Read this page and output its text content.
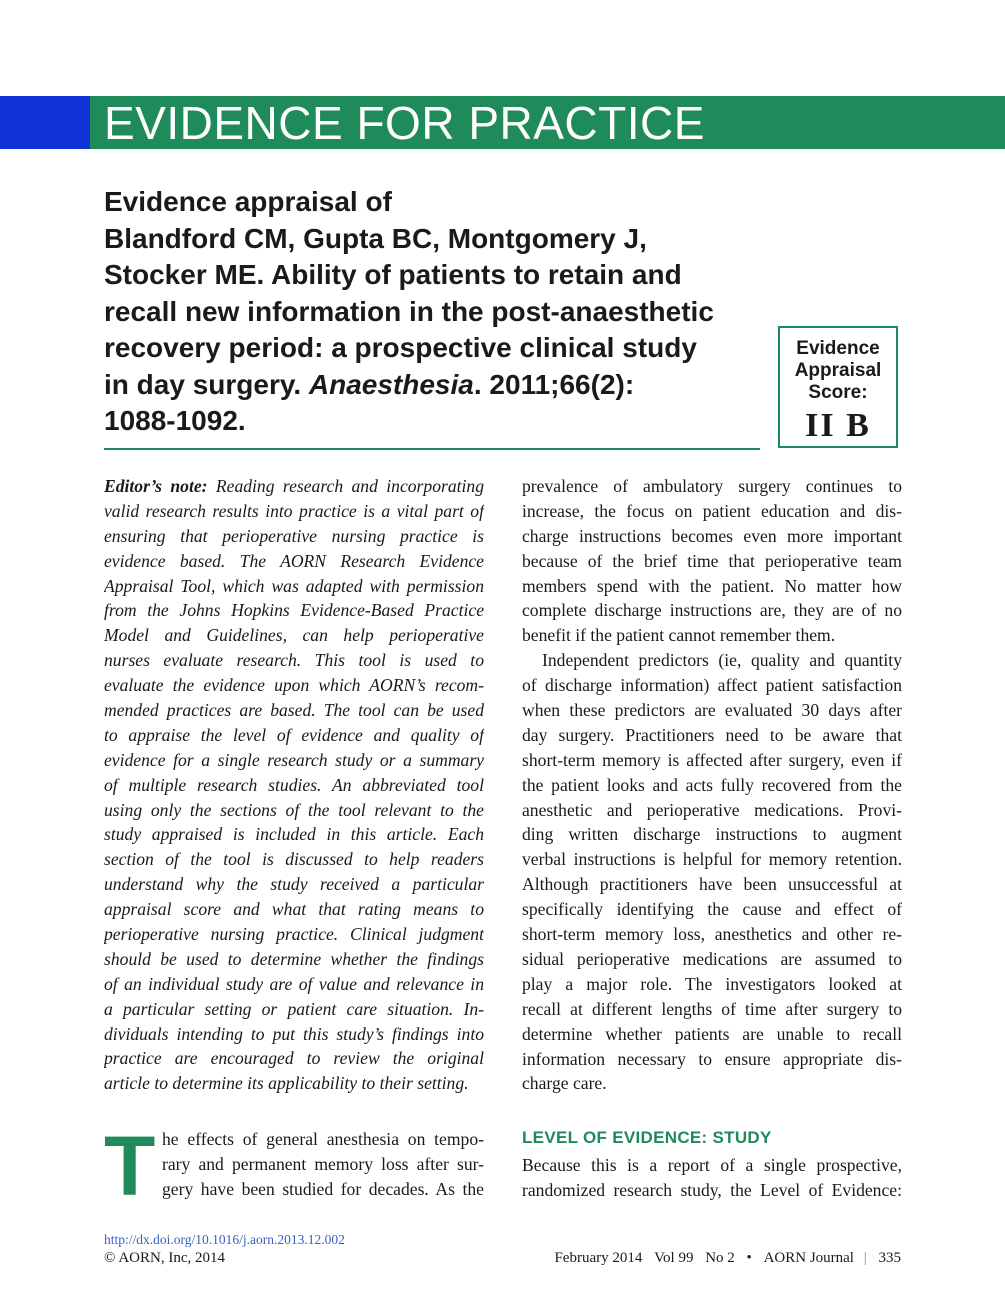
EVIDENCE FOR PRACTICE
Evidence appraisal of
Blandford CM, Gupta BC, Montgomery J,
Stocker ME. Ability of patients to retain and
recall new information in the post-anaesthetic
recovery period: a prospective clinical study
in day surgery. Anaesthesia. 2011;66(2):
1088-1092.
Evidence
Appraisal
Score:
II B
Editor’s note: Reading research and incorporating
valid research results into practice is a vital part of
ensuring that perioperative nursing practice is
evidence based. The AORN Research Evidence
Appraisal Tool, which was adapted with permission
from the Johns Hopkins Evidence-Based Practice
Model and Guidelines, can help perioperative
nurses evaluate research. This tool is used to
evaluate the evidence upon which AORN’s recom-
mended practices are based. The tool can be used
to appraise the level of evidence and quality of
evidence for a single research study or a summary
of multiple research studies. An abbreviated tool
using only the sections of the tool relevant to the
study appraised is included in this article. Each
section of the tool is discussed to help readers
understand why the study received a particular
appraisal score and what that rating means to
perioperative nursing practice. Clinical judgment
should be used to determine whether the findings
of an individual study are of value and relevance in
a particular setting or patient care situation. In-
dividuals intending to put this study’s findings into
practice are encouraged to review the original
article to determine its applicability to their setting.
T he effects of general anesthesia on tempo-
rary and permanent memory loss after sur-
gery have been studied for decades. As the
prevalence of ambulatory surgery continues to
increase, the focus on patient education and dis-
charge instructions becomes even more important
because of the brief time that perioperative team
members spend with the patient. No matter how
complete discharge instructions are, they are of no
benefit if the patient cannot remember them.
Independent predictors (ie, quality and quantity
of discharge information) affect patient satisfaction
when these predictors are evaluated 30 days after
day surgery. Practitioners need to be aware that
short-term memory is affected after surgery, even if
the patient looks and acts fully recovered from the
anesthetic and perioperative medications. Provi-
ding written discharge instructions to augment
verbal instructions is helpful for memory retention.
Although practitioners have been unsuccessful at
specifically identifying the cause and effect of
short-term memory loss, anesthetics and other re-
sidual perioperative medications are assumed to
play a major role. The investigators looked at
recall at different lengths of time after surgery to
determine whether patients are unable to recall
information necessary to ensure appropriate dis-
charge care.
LEVEL OF EVIDENCE: STUDY
Because this is a report of a single prospective,
randomized research study, the Level of Evidence:
http://dx.doi.org/10.1016/j.aorn.2013.12.002
© AORN, Inc, 2014	February 2014 Vol 99 No 2 • AORN Journal | 335
